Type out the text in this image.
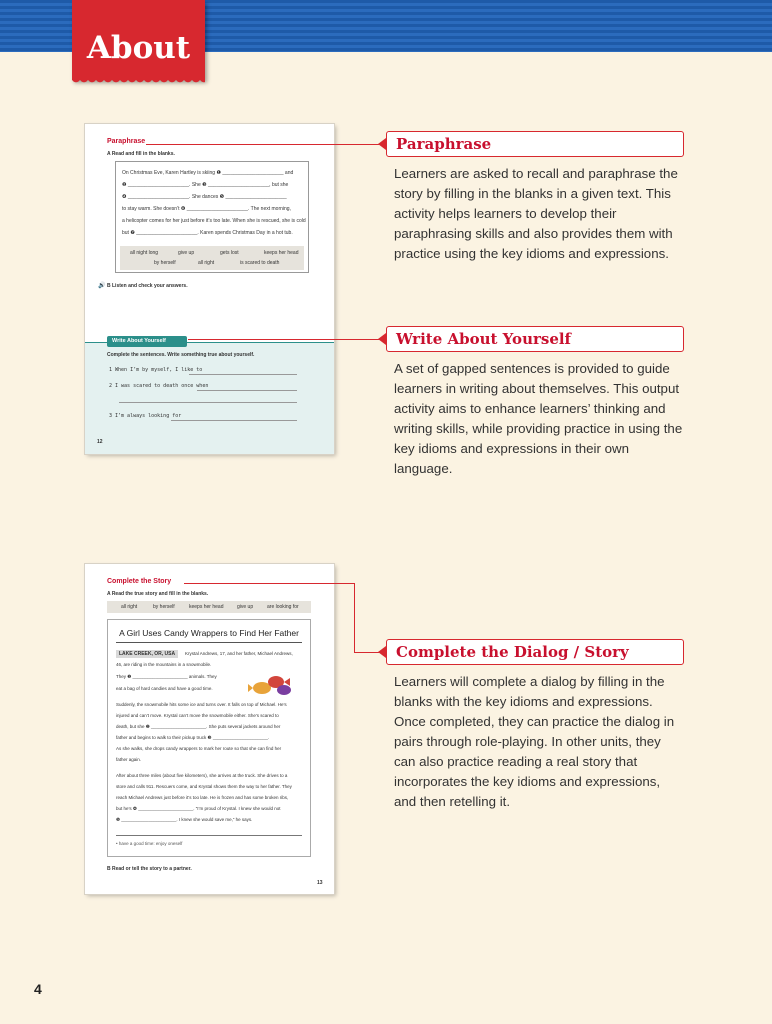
About
Paraphrase
A Read and fill in the blanks.
On Christmas Eve, Karen Hartley is skiing ❶ ______________________ and
❷ ______________________. She ❸ ______________________, but she
❹ ______________________. She dances ❺ ______________________
to stay warm. She doesn’t ❻ ______________________. The next morning,
a helicopter comes for her just before it’s too late. When she is rescued, she is cold
but ❼ ______________________. Karen spends Christmas Day in a hot tub.
all night long	give up	gets lost	keeps her head
by herself	all right	is scared to death
🔊 B Listen and check your answers.
Write About Yourself
Complete the sentences. Write something true about yourself.
1 When I’m by myself, I like to
2 I was scared to death once when
3 I’m always looking for
12
Complete the Story
A Read the true story and fill in the blanks.
all right	by herself	keeps her head	give up	are looking for
A Girl Uses Candy Wrappers to Find Her Father
LAKE CREEK, OR, USA	Krystal Andrews, 17, and her father, Michael Andrews,
46, are riding in the mountains in a snowmobile.
They ❶ ______________________ animals. They
eat a bag of hard candies and have a good time.
Suddenly, the snowmobile hits some ice and turns over. It falls on top of Michael. He’s
injured and can’t move. Krystal can’t move the snowmobile either. She’s scared to
death, but she ❷ ______________________. She puts several jackets around her
father and begins to walk to their pickup truck ❸ ______________________.
As she walks, she drops candy wrappers to mark her route so that she can find her
father again.
After about three miles (about five kilometers), she arrives at the truck. She drives to a
store and calls 911. Rescuers come, and Krystal shows them the way to her father. They
reach Michael Andrews just before it’s too late. He is frozen and has some broken ribs,
but he’s ❹ ______________________. “I’m proud of Krystal. I knew she would not
❺ ______________________. I knew she would save me,” he says.
• have a good time: enjoy oneself
B Read or tell the story to a partner.
13
Paraphrase
Learners are asked to recall and paraphrase the story by filling in the blanks in a given text. This activity helps learners to develop their paraphrasing skills and also provides them with practice using the key idioms and expressions.
Write About Yourself
A set of gapped sentences is provided to guide learners in writing about themselves. This output activity aims to enhance learners’ thinking and writing skills, while providing practice in using the key idioms and expressions in their own language.
Complete the Dialog / Story
Learners will complete a dialog by filling in the blanks with the key idioms and expressions. Once completed, they can practice the dialog in pairs through role-playing. In other units, they can also practice reading a real story that incorporates the key idioms and expressions, and then retelling it.
4
